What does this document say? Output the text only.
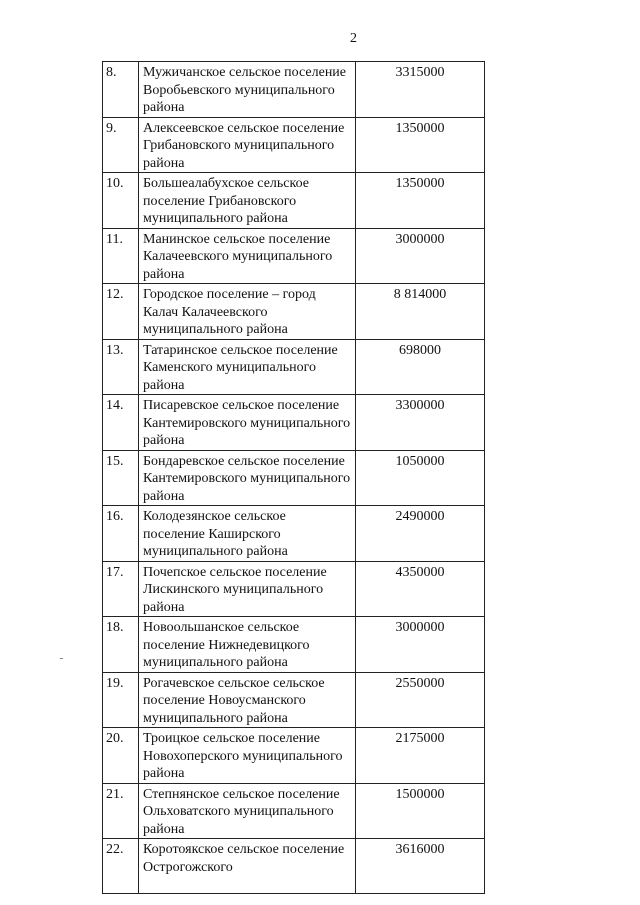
2
8.	Мужичанское сельское поселение Воробьевского муниципального района	3315000
9.	Алексеевское сельское поселение Грибановского муниципального района	1350000
10.	Большеалабухское сельское поселение Грибановского муниципального района	1350000
11.	Манинское сельское поселение Калачеевского муниципального района	3000000
12.	Городское поселение – город Калач Калачеевского муниципального района	8 814000
13.	Татаринское сельское поселение Каменского муниципального района	698000
14.	Писаревское сельское поселение Кантемировского муниципального района	3300000
15.	Бондаревское сельское поселение Кантемировского муниципального района	1050000
16.	Колодезянское сельское поселение Каширского муниципального района	2490000
17.	Почепское сельское поселение Лискинского муниципального района	4350000
18.	Новоольшанское сельское поселение Нижнедевицкого муниципального района	3000000
19.	Рогачевское сельское сельское поселение Новоусманского муниципального района	2550000
20.	Троицкое сельское поселение Новохоперского муниципального района	2175000
21.	Степнянское сельское поселение Ольховатского муниципального района	1500000
22.	Коротоякское сельское поселение Острогожского	3616000
